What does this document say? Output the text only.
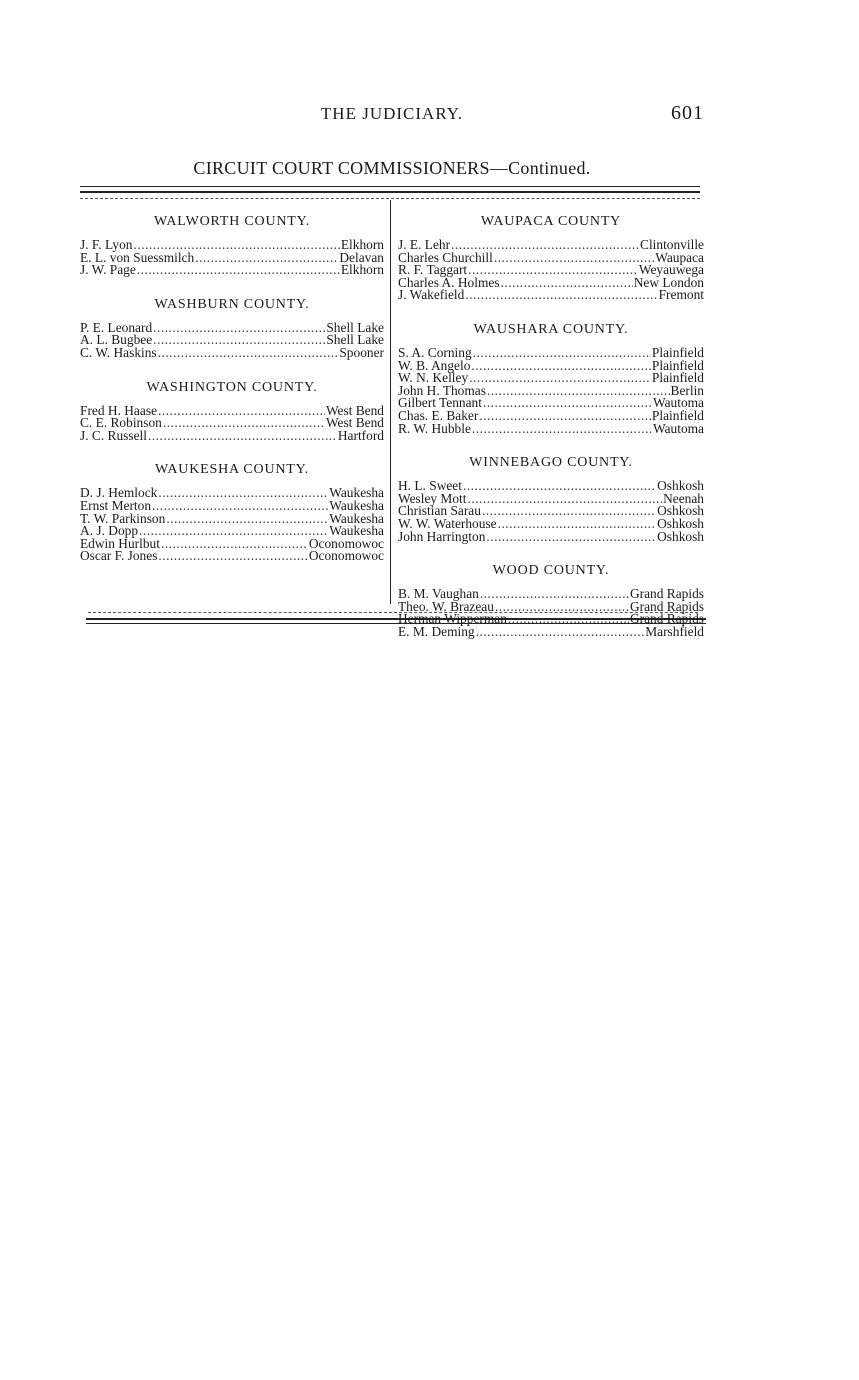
THE JUDICIARY.	601
CIRCUIT COURT COMMISSIONERS—Continued.
WALWORTH COUNTY.
J. F. Lyon .....	Elkhorn
E. L. von Suessmilch .....	Delavan
J. W. Page .....	Elkhorn
WASHBURN COUNTY.
P. E. Leonard .....	Shell Lake
A. L. Bugbee .....	Shell Lake
C. W. Haskins .....	Spooner
WASHINGTON COUNTY.
Fred H. Haase .....	West Bend
C. E. Robinson .....	West Bend
J. C. Russell .....	Hartford
WAUKESHA COUNTY.
D. J. Hemlock .....	Waukesha
Ernst Merton .....	Waukesha
T. W. Parkinson .....	Waukesha
A. J. Dopp .....	Waukesha
Edwin Hurlbut .....	Oconomowoc
Oscar F. Jones .....	Oconomowoc
WAUPACA COUNTY
J. E. Lehr .....	Clintonville
Charles Churchill .....	Waupaca
R. F. Taggart .....	Weyauwega
Charles A. Holmes .....	New London
J. Wakefield .....	Fremont
WAUSHARA COUNTY.
S. A. Corning .....	Plainfield
W. B. Angelo .....	Plainfield
W. N. Kelley .....	Plainfield
John H. Thomas .....	Berlin
Gilbert Tennant .....	Wautoma
Chas. E. Baker .....	Plainfield
R. W. Hubble .....	Wautoma
WINNEBAGO COUNTY.
H. L. Sweet .....	Oshkosh
Wesley Mott .....	Neenah
Christian Sarau .....	Oshkosh
W. W. Waterhouse .....	Oshkosh
John Harrington .....	Oshkosh
WOOD COUNTY.
B. M. Vaughan .....	Grand Rapids
Theo. W. Brazeau .....	Grand Rapids
Herman Wipperman .....	Grand Rapids
E. M. Deming .....	Marshfield
